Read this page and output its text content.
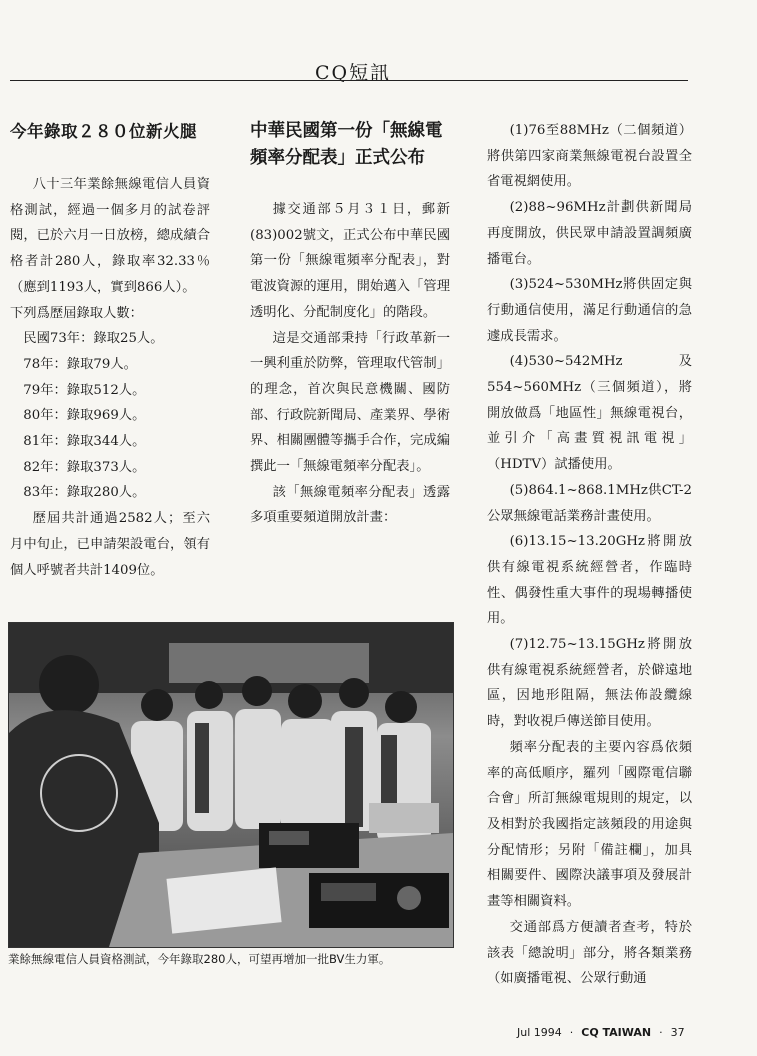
CQ短訊
今年錄取２８０位新火腿

八十三年業餘無線電信人員資格測試，經過一個多月的試卷評閱，已於六月一日放榜，總成績合格者計280人，錄取率32.33％（應到1193人，實到866人）。

下列爲歷屆錄取人數：

民國73年：錄取25人。

78年：錄取79人。

79年：錄取512人。

80年：錄取969人。

81年：錄取344人。

82年：錄取373人。

83年：錄取280人。

歷屆共計通過2582人；至六月中旬止，已申請架設電台，領有個人呼號者共計1409位。

中華民國第一份「無線電頻率分配表」正式公布

據交通部５月３１日，郵新(83)002號文，正式公布中華民國第一份「無線電頻率分配表」，對電波資源的運用，開始邁入「管理透明化、分配制度化」的階段。

這是交通部秉持「行政革新一一興利重於防弊，管理取代管制」的理念，首次與民意機關、國防部、行政院新聞局、產業界、學術界、相關團體等攜手合作，完成編撰此一「無線電頻率分配表」。

該「無線電頻率分配表」透露多項重要頻道開放計畫：

(1)76至88MHz（二個頻道）將供第四家商業無線電視台設置全省電視網使用。

(2)88~96MHz計劃供新聞局再度開放，供民眾申請設置調頻廣播電台。

(3)524~530MHz將供固定與行動通信使用，滿足行動通信的急遽成長需求。

(4)530~542MHz及554~560MHz（三個頻道），將開放做爲「地區性」無線電視台，並引介「高畫質視訊電視」（HDTV）試播使用。

(5)864.1~868.1MHz供CT-2公眾無線電話業務計畫使用。

(6)13.15~13.20GHz將開放供有線電視系統經營者，作臨時性、偶發性重大事件的現場轉播使用。

(7)12.75~13.15GHz將開放供有線電視系統經營者，於僻遠地區，因地形阻隔，無法佈設纜線時，對收視戶傳送節目使用。

頻率分配表的主要內容爲依頻率的高低順序，羅列「國際電信聯合會」所訂無線電規則的規定，以及相對於我國指定該頻段的用途與分配情形；另附「備註欄」，加具相關要件、國際決議事項及發展計畫等相關資料。

交通部爲方便讀者查考，特於該表「總說明」部分，將各類業務（如廣播電視、公眾行動通

業餘無線電信人員資格測試，今年錄取280人，可望再增加一批BV生力軍。
Jul 1994 · CQ TAIWAN · 37
